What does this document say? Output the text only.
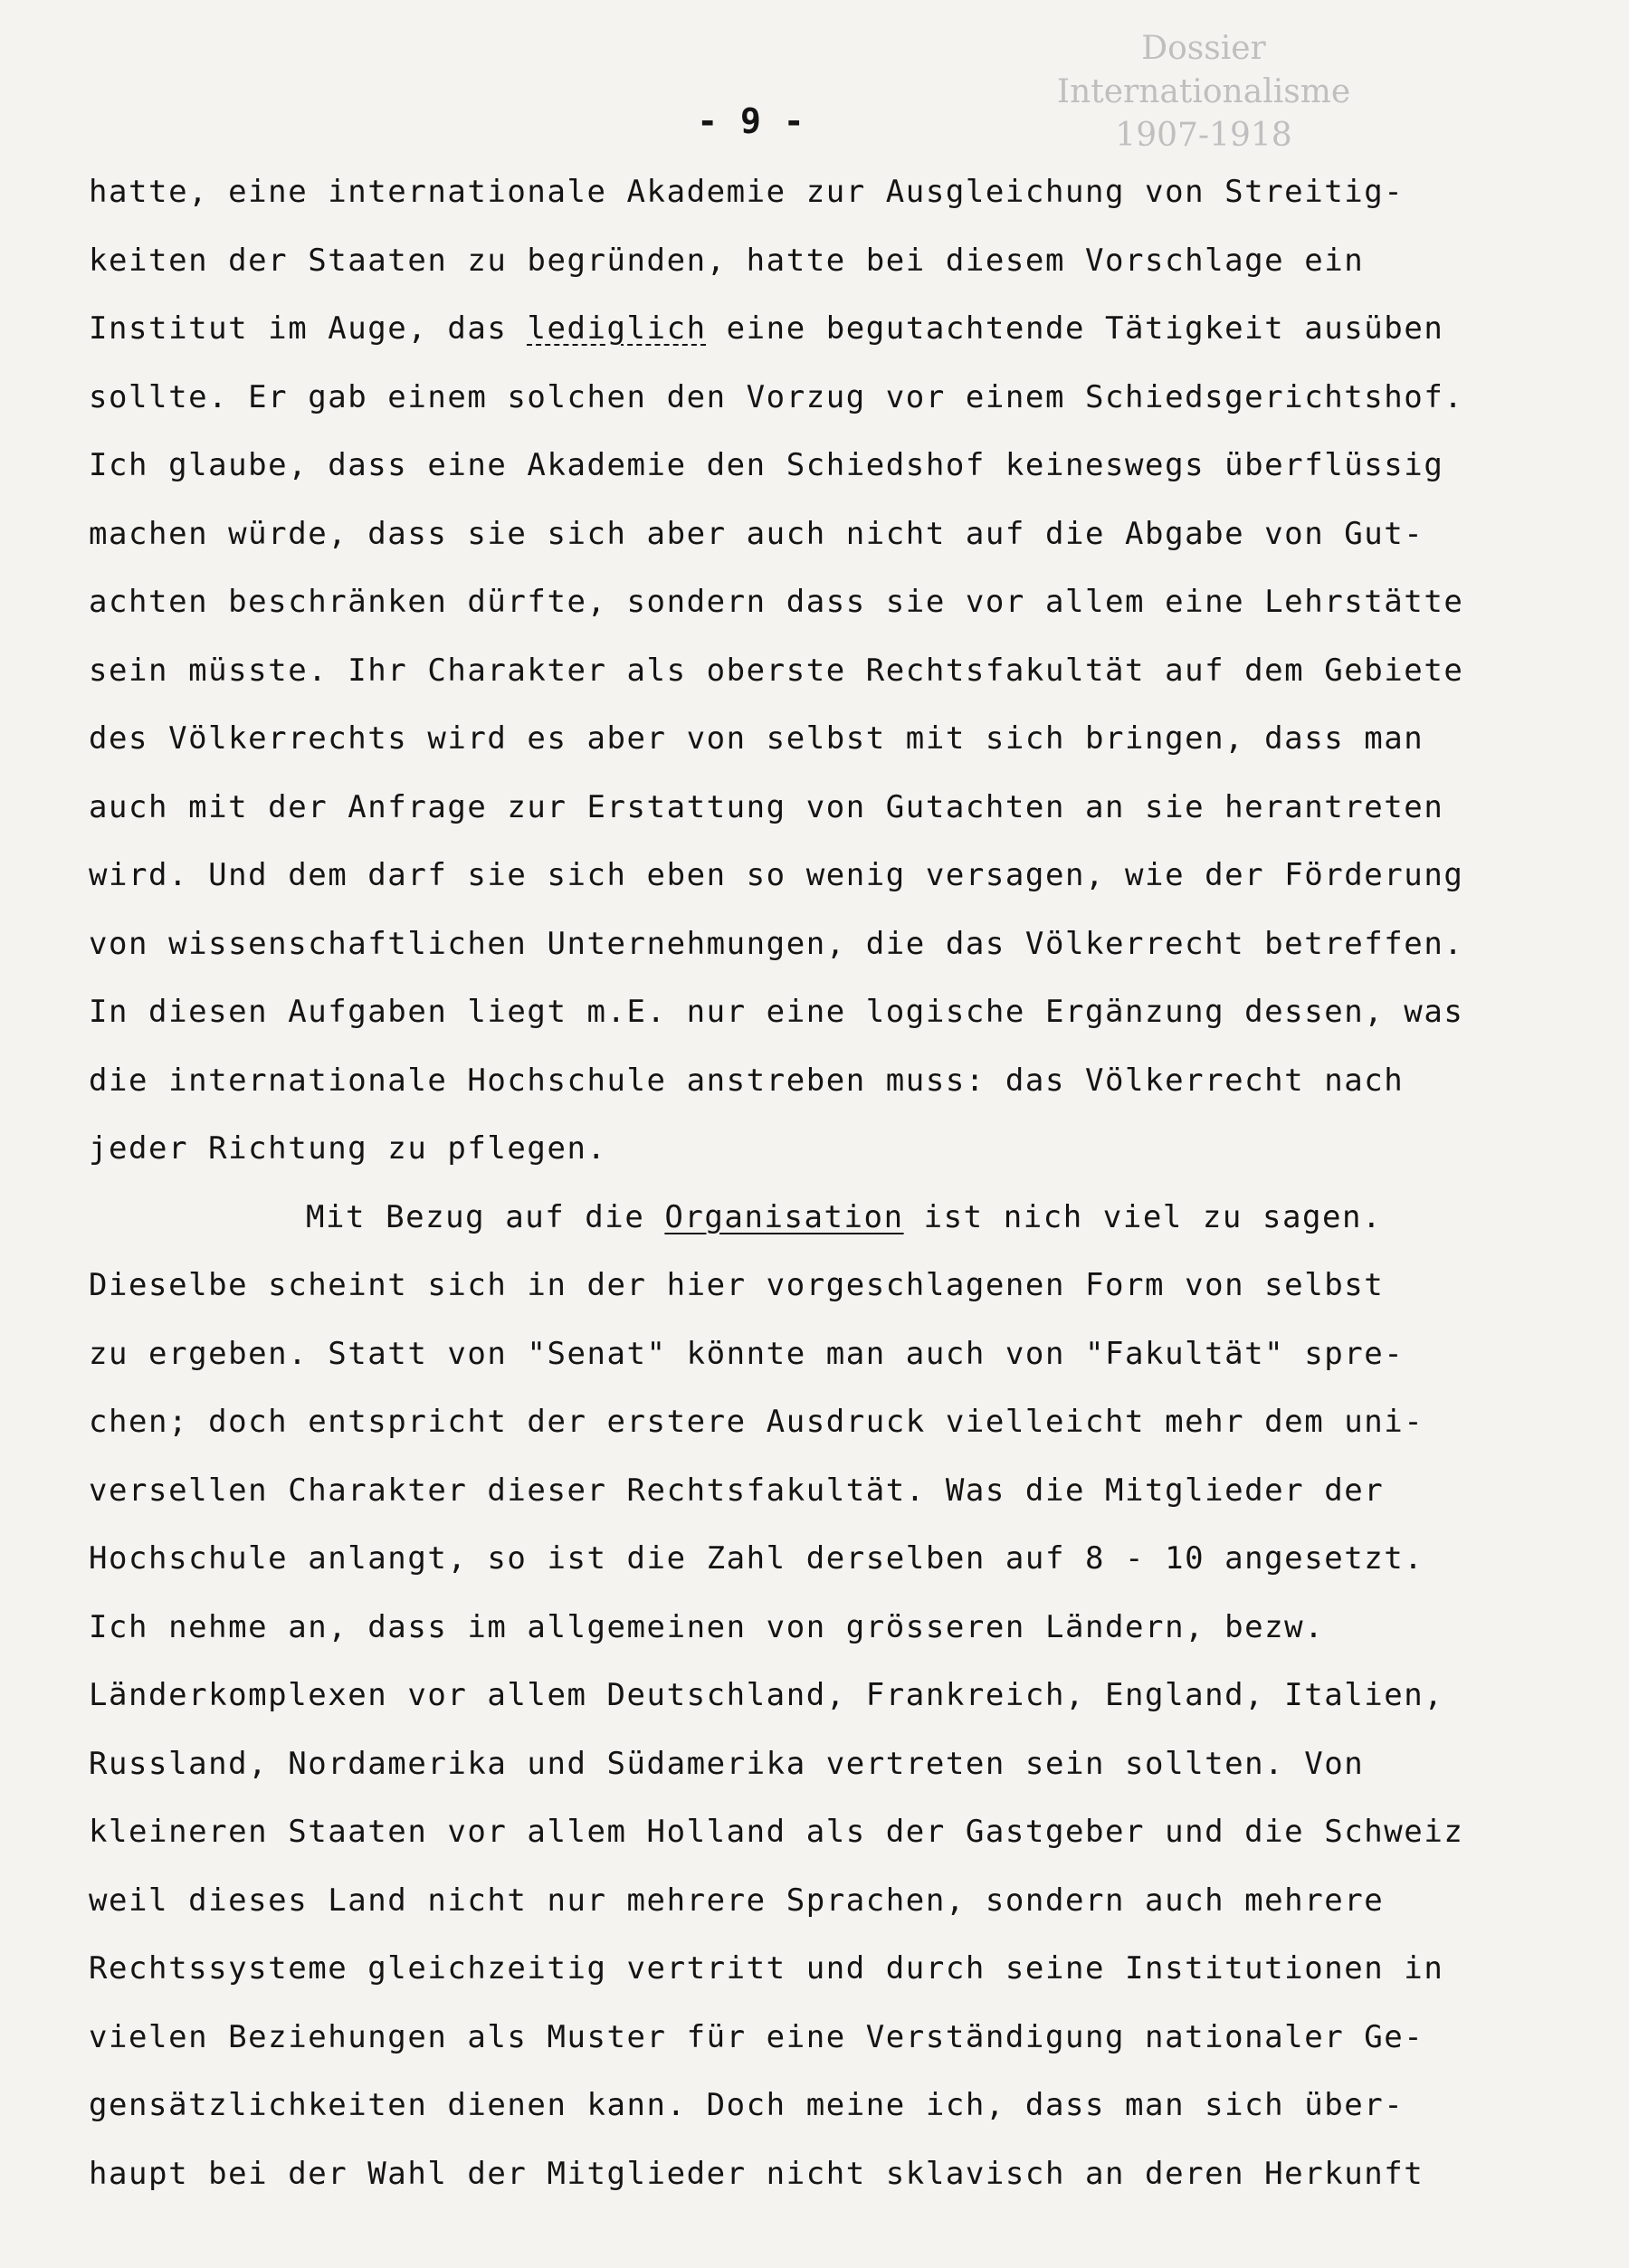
Dossier
Internationalisme
1907-1918
- 9 -
hatte, eine internationale Akademie zur Ausgleichung von Streitig-
keiten der Staaten zu begründen, hatte bei diesem Vorschlage ein
Institut im Auge, das lediglich eine begutachtende Tätigkeit ausüben
sollte. Er gab einem solchen den Vorzug vor einem Schiedsgerichtshof.
Ich glaube, dass eine Akademie den Schiedshof keineswegs überflüssig
machen würde, dass sie sich aber auch nicht auf die Abgabe von Gut-
achten beschränken dürfte, sondern dass sie vor allem eine Lehrstätte
sein müsste. Ihr Charakter als oberste Rechtsfakultät auf dem Gebiete
des Völkerrechts wird es aber von selbst mit sich bringen, dass man
auch mit der Anfrage zur Erstattung von Gutachten an sie herantreten
wird. Und dem darf sie sich eben so wenig versagen, wie der Förderung
von wissenschaftlichen Unternehmungen, die das Völkerrecht betreffen.
In diesen Aufgaben liegt m.E. nur eine logische Ergänzung dessen, was
die internationale Hochschule anstreben muss: das Völkerrecht nach
jeder Richtung zu pflegen.
Mit Bezug auf die Organisation ist nich viel zu sagen.
Dieselbe scheint sich in der hier vorgeschlagenen Form von selbst
zu ergeben. Statt von "Senat" könnte man auch von "Fakultät" spre-
chen; doch entspricht der erstere Ausdruck vielleicht mehr dem uni-
versellen Charakter dieser Rechtsfakultät. Was die Mitglieder der
Hochschule anlangt, so ist die Zahl derselben auf 8 - 10 angesetzt.
Ich nehme an, dass im allgemeinen von grösseren Ländern, bezw.
Länderkomplexen vor allem Deutschland, Frankreich, England, Italien,
Russland, Nordamerika und Südamerika vertreten sein sollten. Von
kleineren Staaten vor allem Holland als der Gastgeber und die Schweiz
weil dieses Land nicht nur mehrere Sprachen, sondern auch mehrere
Rechtssysteme gleichzeitig vertritt und durch seine Institutionen in
vielen Beziehungen als Muster für eine Verständigung nationaler Ge-
gensätzlichkeiten dienen kann. Doch meine ich, dass man sich über-
haupt bei der Wahl der Mitglieder nicht sklavisch an deren Herkunft
